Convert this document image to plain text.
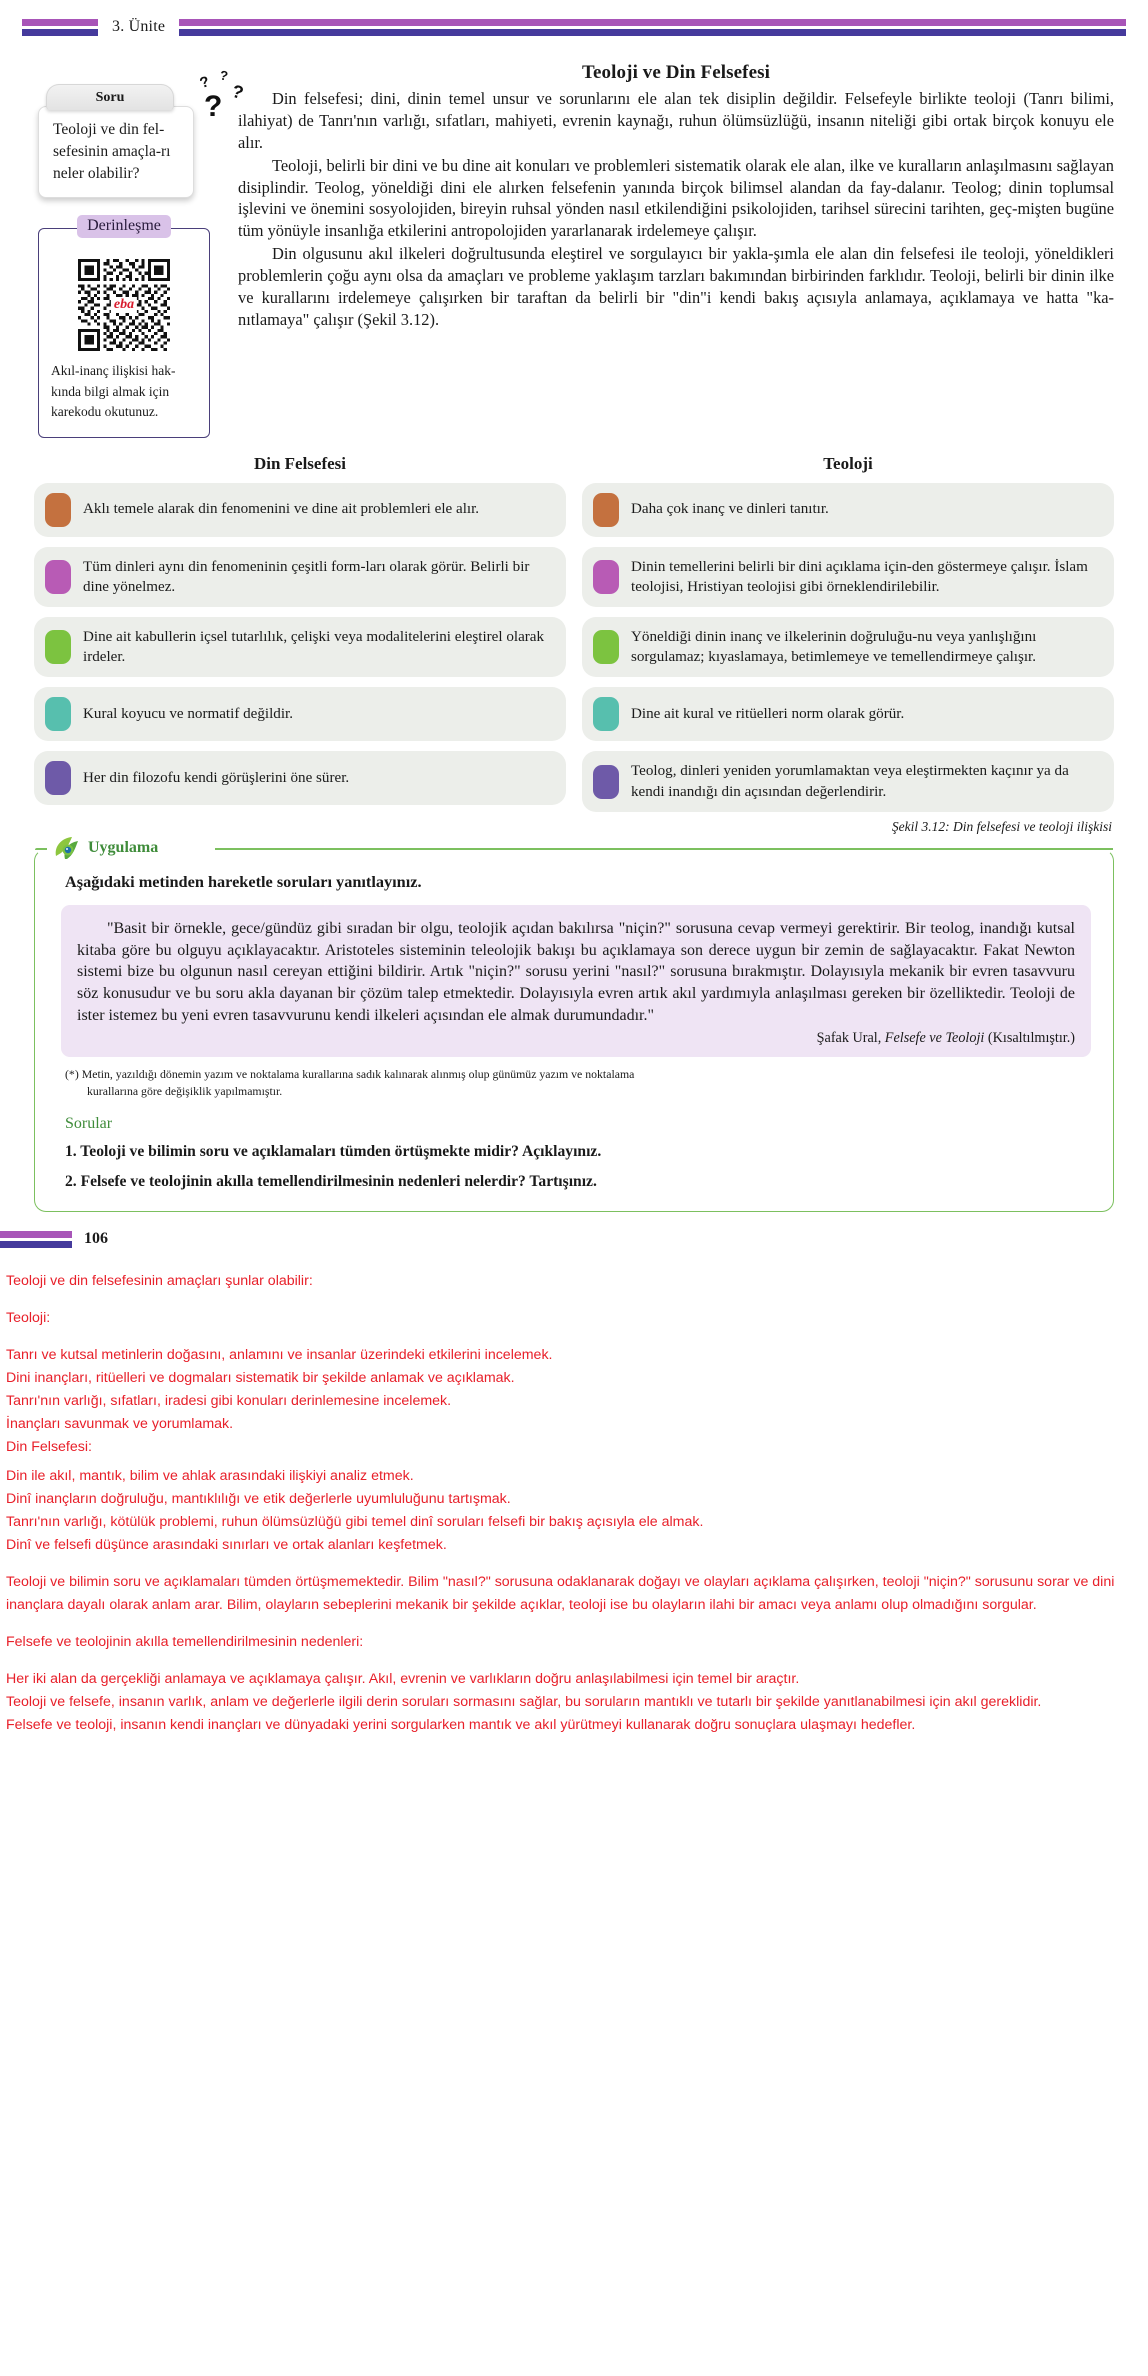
3. Ünite
Soru
? ?
?
?
Teoloji ve din fel-sefesinin amaçla-rı neler olabilir?
eba
Akıl-inanç ilişkisi hak-kında bilgi almak için karekodu okutunuz.
Derinleşme
Teoloji ve Din Felsefesi

Din felsefesi; dini, dinin temel unsur ve sorunlarını ele alan tek disiplin değildir. Felsefeyle birlikte teoloji (Tanrı bilimi, ilahiyat) de Tanrı'nın varlığı, sıfatları, mahiyeti, evrenin kaynağı, ruhun ölümsüzlüğü, insanın niteliği gibi ortak birçok konuyu ele alır.

Teoloji, belirli bir dini ve bu dine ait konuları ve problemleri sistematik olarak ele alan, ilke ve kuralların anlaşılmasını sağlayan disiplindir. Teolog, yöneldiği dini ele alırken felsefenin yanında birçok bilimsel alandan da fay-dalanır. Teolog; dinin toplumsal işlevini ve önemini sosyolojiden, bireyin ruhsal yönden nasıl etkilendiğini psikolojiden, tarihsel sürecini tarihten, geç-mişten bugüne tüm yönüyle insanlığa etkilerini antropolojiden yararlanarak irdelemeye çalışır.

Din olgusunu akıl ilkeleri doğrultusunda eleştirel ve sorgulayıcı bir yakla-şımla ele alan din felsefesi ile teoloji, yöneldikleri problemlerin çoğu aynı olsa da amaçları ve probleme yaklaşım tarzları bakımından birbirinden farklıdır. Teoloji, belirli bir dinin ilke ve kurallarını irdelemeye çalışırken bir taraftan da belirli bir "din"i kendi bakış açısıyla anlamaya, açıklamaya ve hatta "ka-nıtlamaya" çalışır (Şekil 3.12).

Din Felsefesi	Teoloji
Aklı temele alarak din fenomenini ve dine ait problemleri ele alır.
Tüm dinleri aynı din fenomeninin çeşitli form-ları olarak görür. Belirli bir dine yönelmez.
Dine ait kabullerin içsel tutarlılık, çelişki veya modalitelerini eleştirel olarak irdeler.
Kural koyucu ve normatif değildir.
Her din filozofu kendi görüşlerini öne sürer.
Daha çok inanç ve dinleri tanıtır.
Dinin temellerini belirli bir dini açıklama için-den göstermeye çalışır. İslam teolojisi, Hristiyan teolojisi gibi örneklendirilebilir.
Yöneldiği dinin inanç ve ilkelerinin doğruluğu-nu veya yanlışlığını sorgulamaz; kıyaslamaya, betimlemeye ve temellendirmeye çalışır.
Dine ait kural ve ritüelleri norm olarak görür.
Teolog, dinleri yeniden yorumlamaktan veya eleştirmekten kaçınır ya da kendi inandığı din açısından değerlendirir.
Şekil 3.12: Din felsefesi ve teoloji ilişkisi
Uygulama
Aşağıdaki metinden hareketle soruları yanıtlayınız.

"Basit bir örnekle, gece/gündüz gibi sıradan bir olgu, teolojik açıdan bakılırsa "niçin?" sorusuna cevap vermeyi gerektirir. Bir teolog, inandığı kutsal kitaba göre bu olguyu açıklayacaktır. Aristoteles sisteminin teleolojik bakışı bu açıklamaya son derece uygun bir zemin de sağlayacaktır. Fakat Newton sistemi bize bu olgunun nasıl cereyan ettiğini bildirir. Artık "niçin?" sorusu yerini "nasıl?" sorusuna bırakmıştır. Dolayısıyla mekanik bir evren tasavvuru söz konusudur ve bu soru akla dayanan bir çözüm talep etmektedir. Dolayısıyla evren artık akıl yardımıyla anlaşılması gereken bir özelliktedir. Teoloji de ister istemez bu yeni evren tasavvurunu kendi ilkeleri açısından ele almak durumundadır."

Şafak Ural, Felsefe ve Teoloji (Kısaltılmıştır.)
(*) Metin, yazıldığı dönemin yazım ve noktalama kurallarına sadık kalınarak alınmış olup günümüz yazım ve noktalama
kurallarına göre değişiklik yapılmamıştır.
Sorular
1. Teoloji ve bilimin soru ve açıklamaları tümden örtüşmekte midir? Açıklayınız.
2. Felsefe ve teolojinin akılla temellendirilmesinin nedenleri nelerdir? Tartışınız.
106

Teoloji ve din felsefesinin amaçları şunlar olabilir:

Teoloji:

Tanrı ve kutsal metinlerin doğasını, anlamını ve insanlar üzerindeki etkilerini incelemek.

Dini inançları, ritüelleri ve dogmaları sistematik bir şekilde anlamak ve açıklamak.

Tanrı'nın varlığı, sıfatları, iradesi gibi konuları derinlemesine incelemek.

İnançları savunmak ve yorumlamak.

Din Felsefesi:

Din ile akıl, mantık, bilim ve ahlak arasındaki ilişkiyi analiz etmek.

Dinî inançların doğruluğu, mantıklılığı ve etik değerlerle uyumluluğunu tartışmak.

Tanrı'nın varlığı, kötülük problemi, ruhun ölümsüzlüğü gibi temel dinî soruları felsefi bir bakış açısıyla ele almak.

Dinî ve felsefi düşünce arasındaki sınırları ve ortak alanları keşfetmek.

Teoloji ve bilimin soru ve açıklamaları tümden örtüşmemektedir. Bilim "nasıl?" sorusuna odaklanarak doğayı ve olayları açıklama çalışırken, teoloji "niçin?" sorusunu sorar ve dini inançlara dayalı olarak anlam arar. Bilim, olayların sebeplerini mekanik bir şekilde açıklar, teoloji ise bu olayların ilahi bir amacı veya anlamı olup olmadığını sorgular.

Felsefe ve teolojinin akılla temellendirilmesinin nedenleri:

Her iki alan da gerçekliği anlamaya ve açıklamaya çalışır. Akıl, evrenin ve varlıkların doğru anlaşılabilmesi için temel bir araçtır.

Teoloji ve felsefe, insanın varlık, anlam ve değerlerle ilgili derin soruları sormasını sağlar, bu soruların mantıklı ve tutarlı bir şekilde yanıtlanabilmesi için akıl gereklidir.

Felsefe ve teoloji, insanın kendi inançları ve dünyadaki yerini sorgularken mantık ve akıl yürütmeyi kullanarak doğru sonuçlara ulaşmayı hedefler.
